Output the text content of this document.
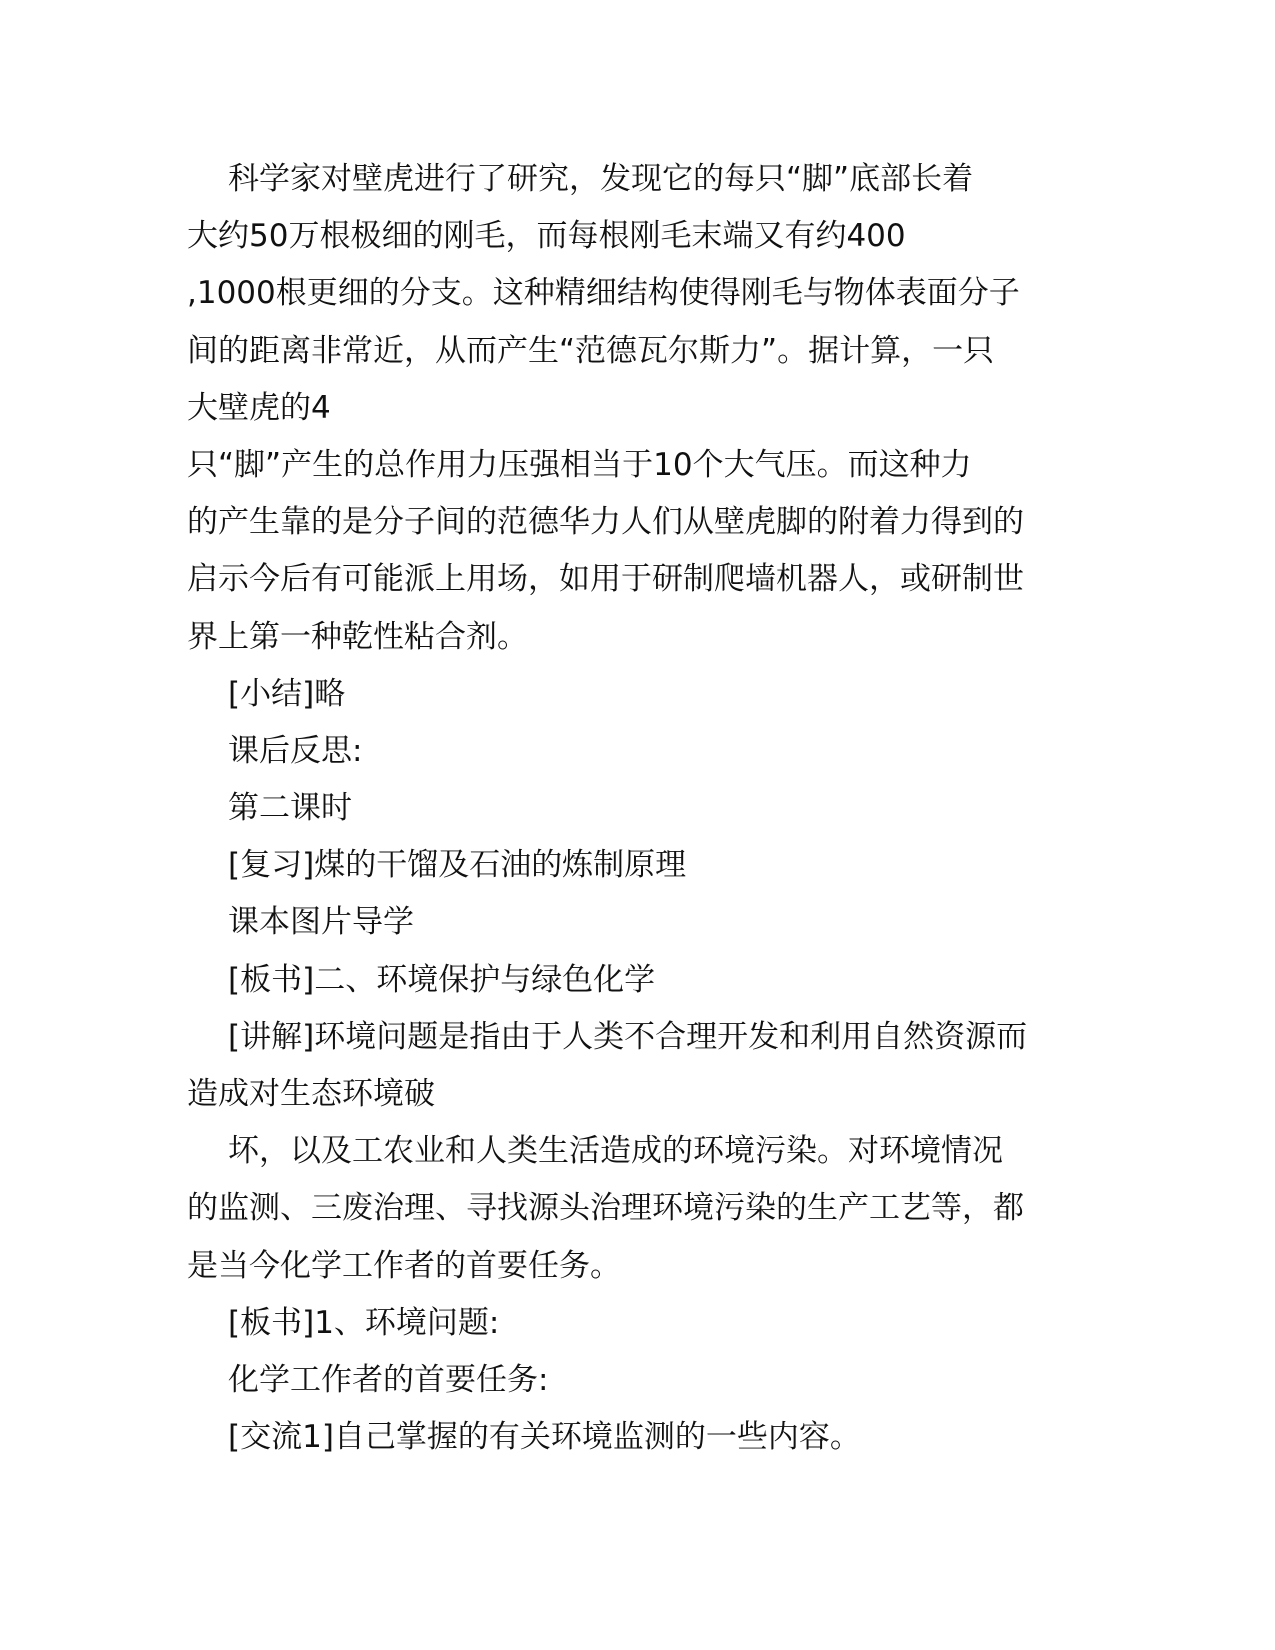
科学家对壁虎进行了研究，发现它的每只“脚”底部长着
大约50万根极细的刚毛，而每根刚毛末端又有约400
,1000根更细的分支。这种精细结构使得刚毛与物体表面分子
间的距离非常近，从而产生“范德瓦尔斯力”。据计算，一只
大壁虎的4
只“脚”产生的总作用力压强相当于10个大气压。而这种力
的产生靠的是分子间的范德华力人们从壁虎脚的附着力得到的
启示今后有可能派上用场，如用于研制爬墙机器人，或研制世
界上第一种乾性粘合剂。
[小结]略
课后反思:
第二课时
[复习]煤的干馏及石油的炼制原理
课本图片导学
[板书]二、环境保护与绿色化学
[讲解]环境问题是指由于人类不合理开发和利用自然资源而
造成对生态环境破
坏，以及工农业和人类生活造成的环境污染。对环境情况
的监测、三废治理、寻找源头治理环境污染的生产工艺等，都
是当今化学工作者的首要任务。
[板书]1、环境问题:
化学工作者的首要任务:
[交流1]自己掌握的有关环境监测的一些内容。
